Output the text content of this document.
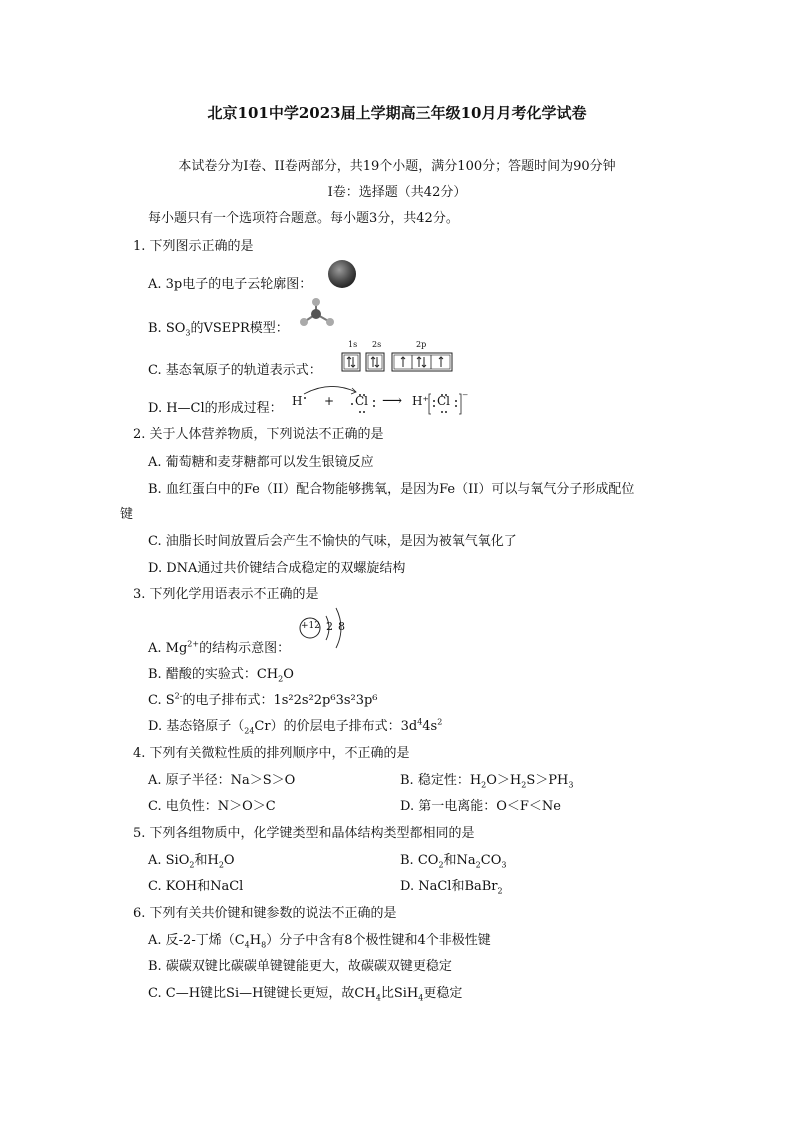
北京101中学2023届上学期高三年级10月月考化学试卷
本试卷分为I卷、II卷两部分，共19个小题，满分100分；答题时间为90分钟
I卷：选择题（共42分）
每小题只有一个选项符合题意。每小题3分，共42分。
1. 下列图示正确的是
A. 3p电子的电子云轮廓图：
B. $SO_3$的VSEPR模型：
C. 基态氧原子的轨道表示式：
1s 2s	2p
D. H—Cl的形成过程： H + Cl ⟶ H⁺ Cl ⁻
2. 关于人体营养物质，下列说法不正确的是
A. 葡萄糖和麦芽糖都可以发生银镜反应
B. 血红蛋白中的Fe（II）配合物能够携氧，是因为Fe（II）可以与氧气分子形成配位
键
C. 油脂长时间放置后会产生不愉快的气味，是因为被氧气氧化了
D. DNA通过共价键结合成稳定的双螺旋结构
3. 下列化学用语表示不正确的是
A. $Mg^{2+}$的结构示意图：
+12 2 8
B. 醋酸的实验式：$CH_2O$
C. $S^{2-}$的电子排布式：1s²2s²2p⁶3s²3p⁶
D. 基态铬原子$(_{24}Cr)$的价层电子排布式：$3d^44s^2$
4. 下列有关微粒性质的排列顺序中，不正确的是
A. 原子半径：Na＞S＞O	B. 稳定性：$H_2O>H_2S>PH_3$
C. 电负性：N＞O＞C	D. 第一电离能：O＜F＜Ne
5. 下列各组物质中，化学键类型和晶体结构类型都相同的是
A. SiO$_2$和$H_2O$	B. $CO_2$和$Na_2CO_3$
C. KOH和NaCl	D. NaCl和BaBr$_2$
6. 下列有关共价键和键参数的说法不正确的是
A. 反-2-丁烯$(C_4H_8)$分子中含有8个极性键和4个非极性键
B. 碳碳双键比碳碳单键键能更大，故碳碳双键更稳定
C. C—H键比Si—H键键长更短，故$CH_4$比SiH$_4$更稳定
